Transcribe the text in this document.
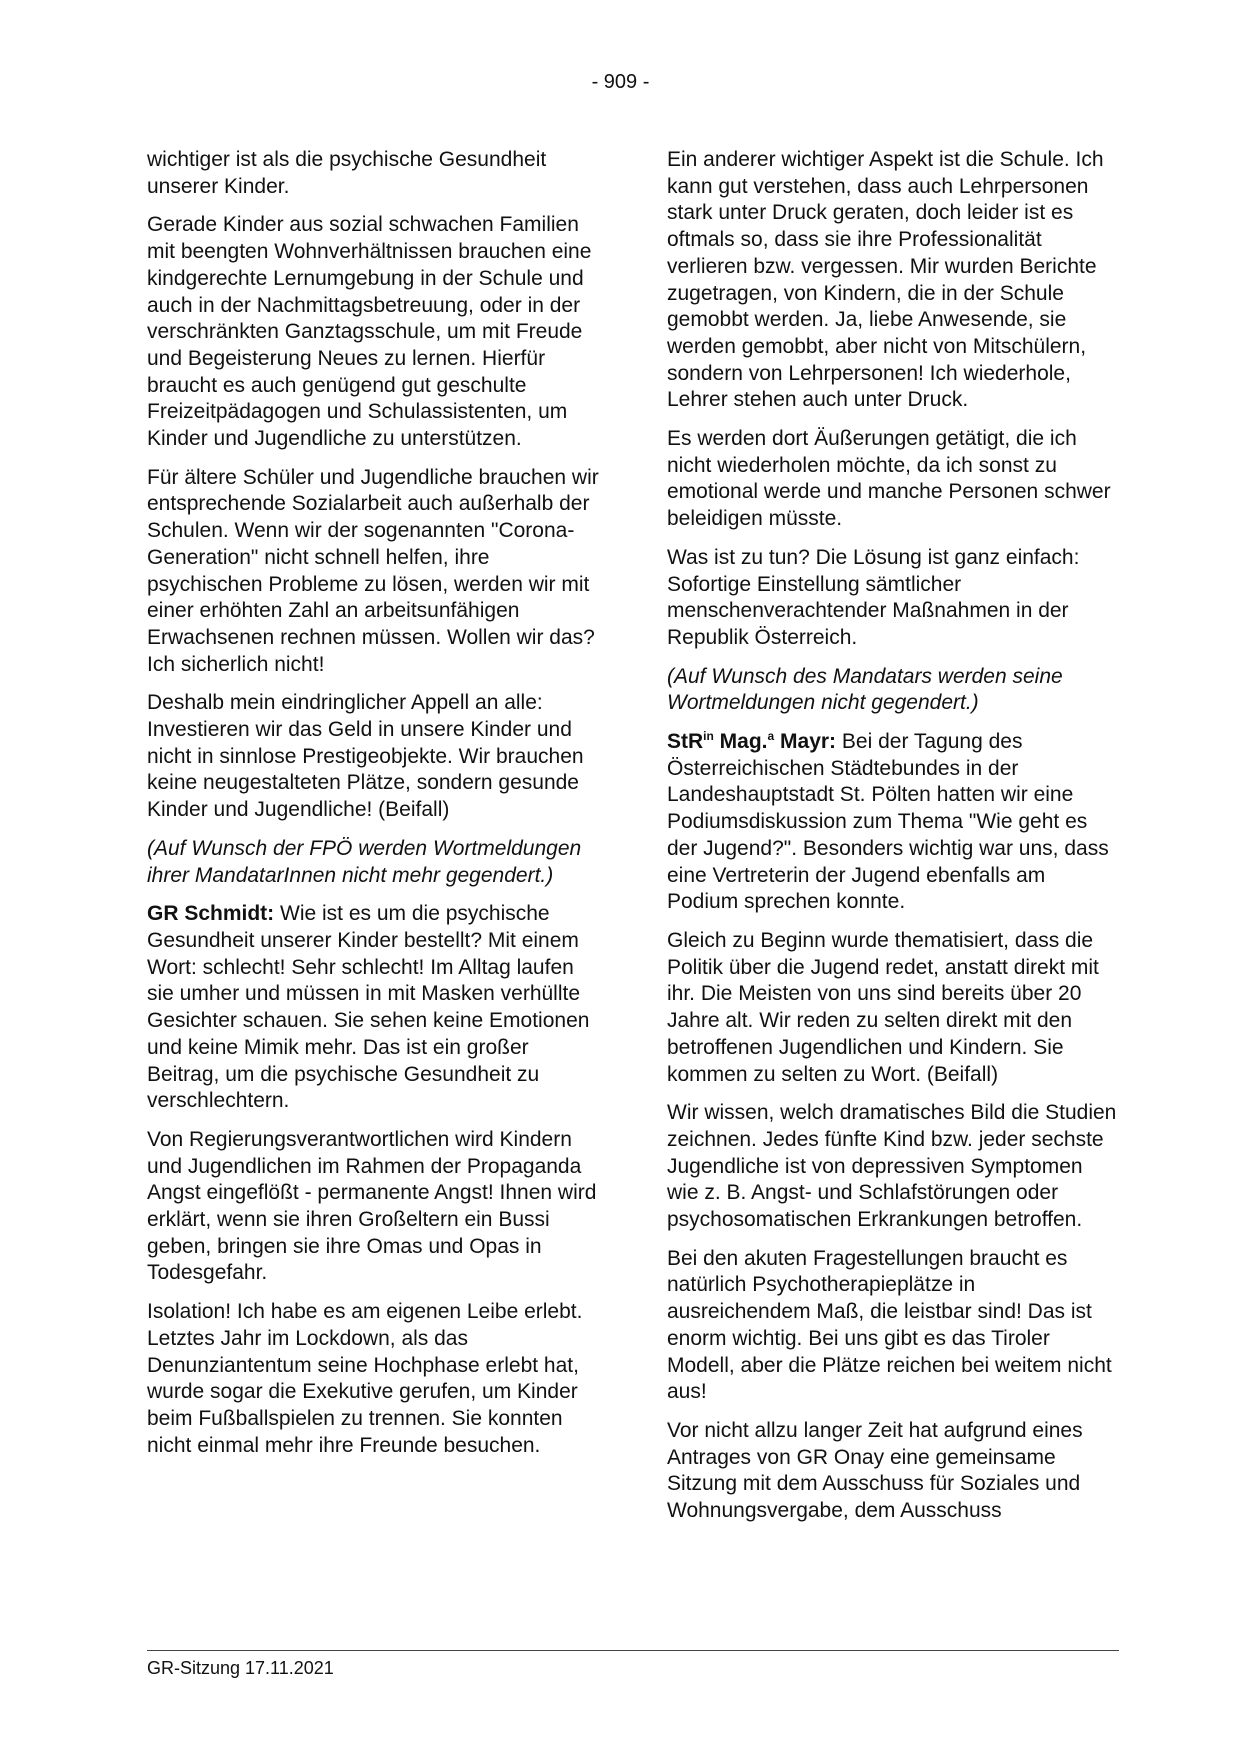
- 909 -

wichtiger ist als die psychische Gesundheit unserer Kinder.

Gerade Kinder aus sozial schwachen Familien mit beengten Wohnverhältnissen brauchen eine kindgerechte Lernumgebung in der Schule und auch in der Nachmittagsbetreuung, oder in der verschränkten Ganztagsschule, um mit Freude und Begeisterung Neues zu lernen. Hierfür braucht es auch genügend gut geschulte Freizeitpädagogen und Schulassistenten, um Kinder und Jugendliche zu unterstützen.

Für ältere Schüler und Jugendliche brauchen wir entsprechende Sozialarbeit auch außerhalb der Schulen. Wenn wir der sogenannten "Corona-Generation" nicht schnell helfen, ihre psychischen Probleme zu lösen, werden wir mit einer erhöhten Zahl an arbeitsunfähigen Erwachsenen rechnen müssen. Wollen wir das? Ich sicherlich nicht!

Deshalb mein eindringlicher Appell an alle: Investieren wir das Geld in unsere Kinder und nicht in sinnlose Prestigeobjekte. Wir brauchen keine neugestalteten Plätze, sondern gesunde Kinder und Jugendliche! (Beifall)

(Auf Wunsch der FPÖ werden Wortmeldungen ihrer MandatarInnen nicht mehr gegendert.)

GR Schmidt: Wie ist es um die psychische Gesundheit unserer Kinder bestellt? Mit einem Wort: schlecht! Sehr schlecht! Im Alltag laufen sie umher und müssen in mit Masken verhüllte Gesichter schauen. Sie sehen keine Emotionen und keine Mimik mehr. Das ist ein großer Beitrag, um die psychische Gesundheit zu verschlechtern.

Von Regierungsverantwortlichen wird Kindern und Jugendlichen im Rahmen der Propaganda Angst eingeflößt - permanente Angst! Ihnen wird erklärt, wenn sie ihren Großeltern ein Bussi geben, bringen sie ihre Omas und Opas in Todesgefahr.

Isolation! Ich habe es am eigenen Leibe erlebt. Letztes Jahr im Lockdown, als das Denunziantentum seine Hochphase erlebt hat, wurde sogar die Exekutive gerufen, um Kinder beim Fußballspielen zu trennen. Sie konnten nicht einmal mehr ihre Freunde besuchen.

Ein anderer wichtiger Aspekt ist die Schule. Ich kann gut verstehen, dass auch Lehrpersonen stark unter Druck geraten, doch leider ist es oftmals so, dass sie ihre Professionalität verlieren bzw. vergessen. Mir wurden Berichte zugetragen, von Kindern, die in der Schule gemobbt werden. Ja, liebe Anwesende, sie werden gemobbt, aber nicht von Mitschülern, sondern von Lehrpersonen! Ich wiederhole, Lehrer stehen auch unter Druck.

Es werden dort Äußerungen getätigt, die ich nicht wiederholen möchte, da ich sonst zu emotional werde und manche Personen schwer beleidigen müsste.

Was ist zu tun? Die Lösung ist ganz einfach: Sofortige Einstellung sämtlicher menschenverachtender Maßnahmen in der Republik Österreich.

(Auf Wunsch des Mandatars werden seine Wortmeldungen nicht gegendert.)

StR$^{in}$ Mag.$^a$ Mayr: Bei der Tagung des Österreichischen Städtebundes in der Landeshauptstadt St. Pölten hatten wir eine Podiumsdiskussion zum Thema "Wie geht es der Jugend?". Besonders wichtig war uns, dass eine Vertreterin der Jugend ebenfalls am Podium sprechen konnte.

Gleich zu Beginn wurde thematisiert, dass die Politik über die Jugend redet, anstatt direkt mit ihr. Die Meisten von uns sind bereits über 20 Jahre alt. Wir reden zu selten direkt mit den betroffenen Jugendlichen und Kindern. Sie kommen zu selten zu Wort. (Beifall)

Wir wissen, welch dramatisches Bild die Studien zeichnen. Jedes fünfte Kind bzw. jeder sechste Jugendliche ist von depressiven Symptomen wie z. B. Angst- und Schlafstörungen oder psychosomatischen Erkrankungen betroffen.

Bei den akuten Fragestellungen braucht es natürlich Psychotherapieplätze in ausreichendem Maß, die leistbar sind! Das ist enorm wichtig. Bei uns gibt es das Tiroler Modell, aber die Plätze reichen bei weitem nicht aus!

Vor nicht allzu langer Zeit hat aufgrund eines Antrages von GR Onay eine gemeinsame Sitzung mit dem Ausschuss für Soziales und Wohnungsvergabe, dem Ausschuss

GR-Sitzung 17.11.2021
